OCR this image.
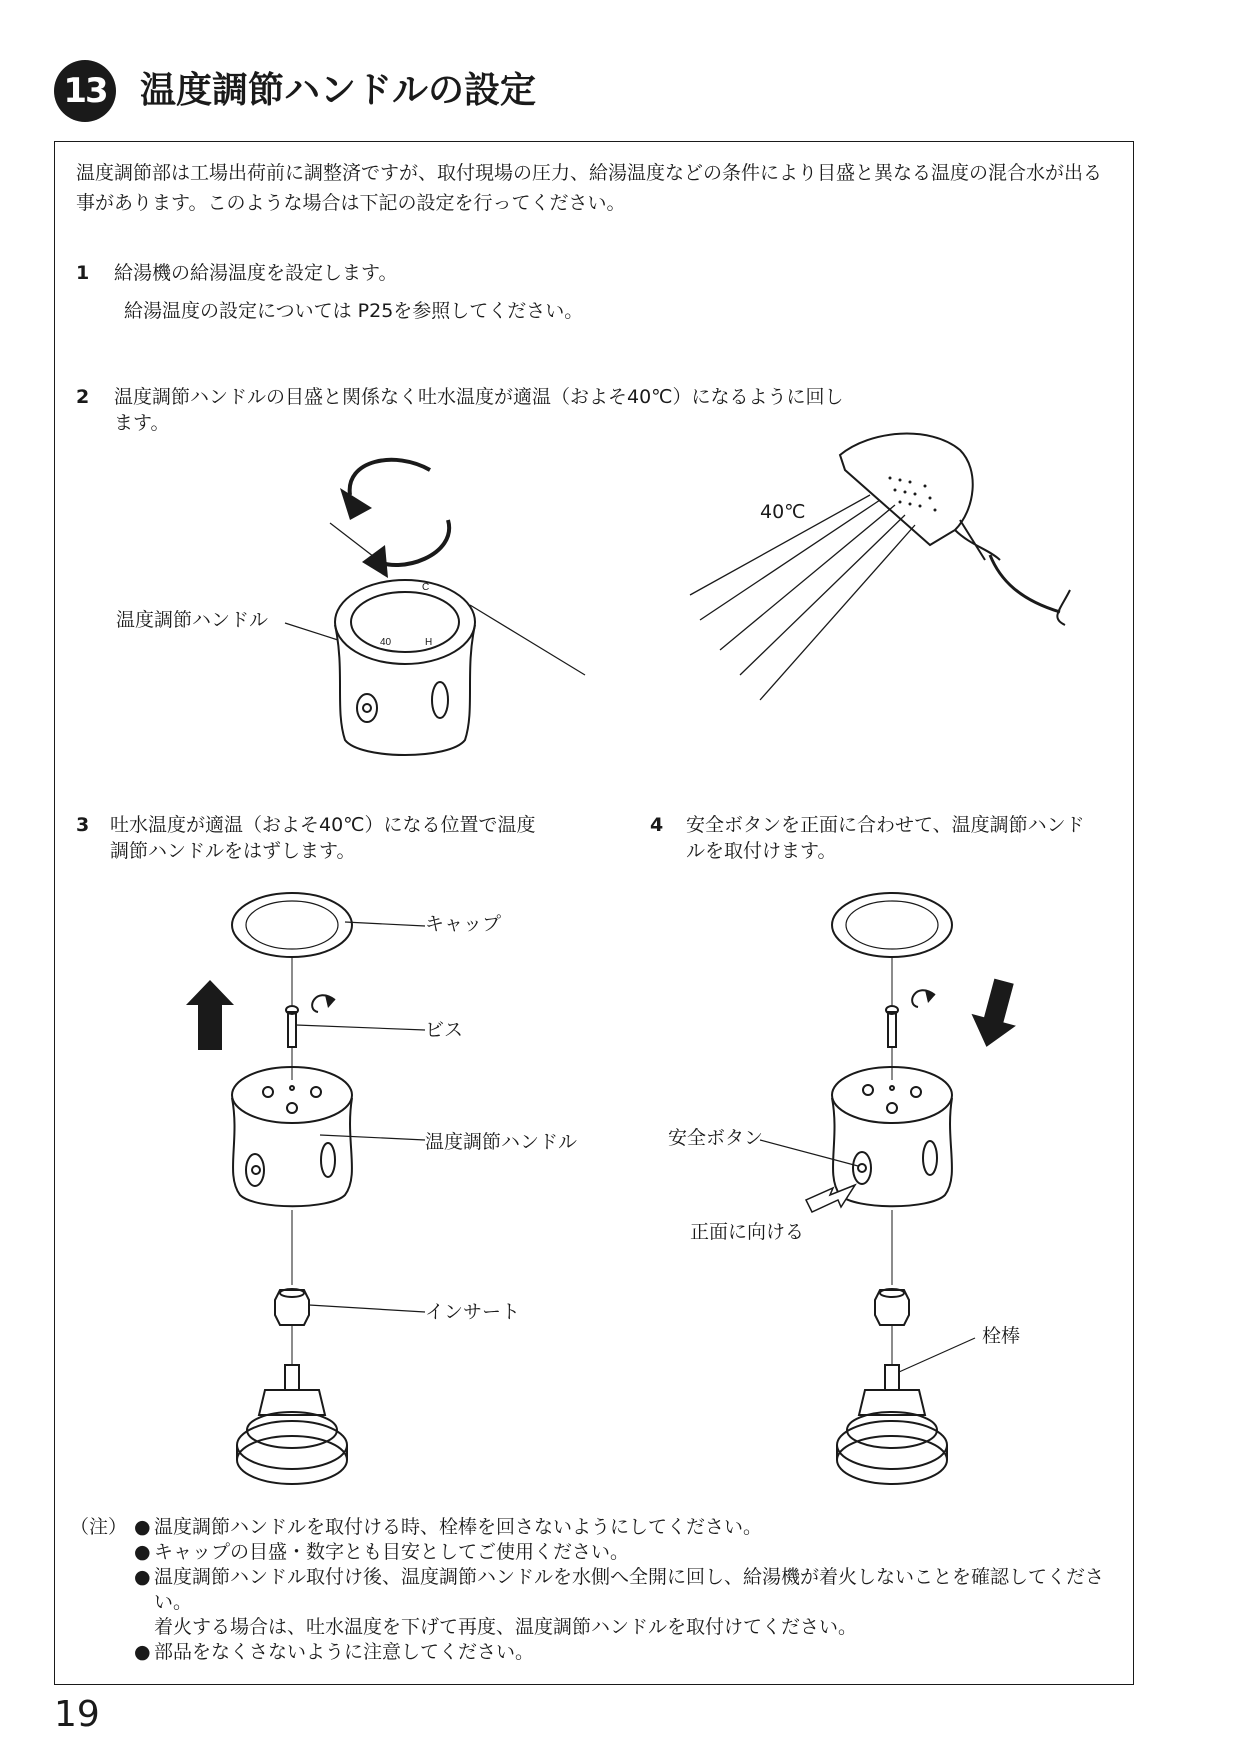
13 温度調節ハンドルの設定
温度調節部は工場出荷前に調整済ですが、取付現場の圧力、給湯温度などの条件により目盛と異なる温度の混合水が出る事があります。このような場合は下記の設定を行ってください。
1	給湯機の給湯温度を設定します。
給湯温度の設定については P25を参照してください。
2	温度調節ハンドルの目盛と関係なく吐水温度が適温（およそ40℃）になるように回します。
3	吐水温度が適温（およそ40℃）になる位置で温度調節ハンドルをはずします。
4	安全ボタンを正面に合わせて、温度調節ハンドルを取付けます。
C
H
40
温度調節ハンドル
40℃
キャップ
ビス
温度調節ハンドル
インサート
安全ボタン
正面に向ける
栓棒
（注） ● 温度調節ハンドルを取付ける時、栓棒を回さないようにしてください。
● キャップの目盛・数字とも目安としてご使用ください。
● 温度調節ハンドル取付け後、温度調節ハンドルを水側へ全開に回し、給湯機が着火しないことを確認してください。
着火する場合は、吐水温度を下げて再度、温度調節ハンドルを取付けてください。
● 部品をなくさないように注意してください。
19
